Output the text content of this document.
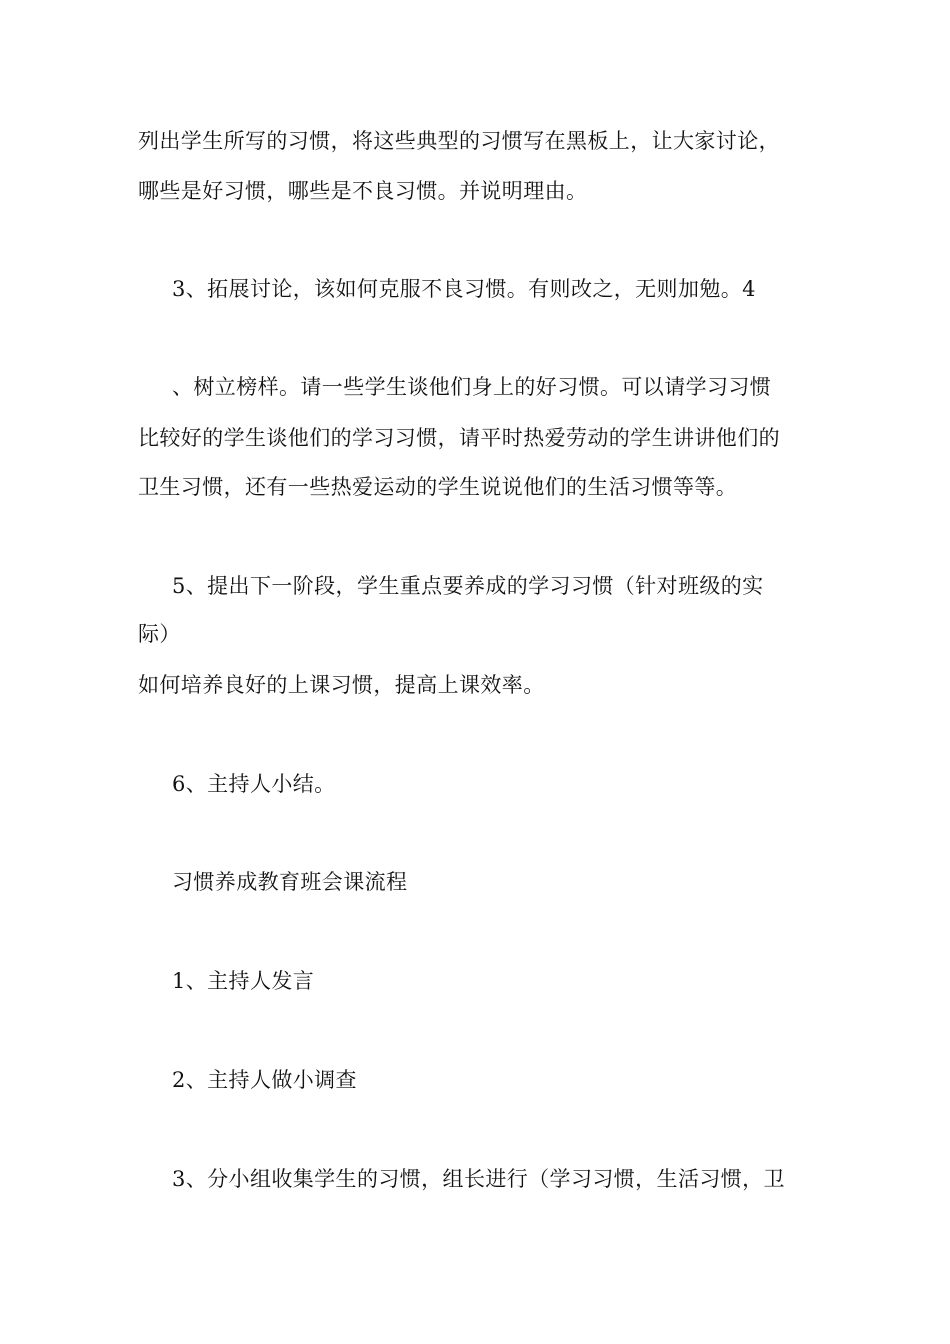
列出学生所写的习惯，将这些典型的习惯写在黑板上，让大家讨论，
哪些是好习惯，哪些是不良习惯。并说明理由。
3、拓展讨论，该如何克服不良习惯。有则改之，无则加勉。4
、树立榜样。请一些学生谈他们身上的好习惯。可以请学习习惯
比较好的学生谈他们的学习习惯，请平时热爱劳动的学生讲讲他们的
卫生习惯，还有一些热爱运动的学生说说他们的生活习惯等等。
5、提出下一阶段，学生重点要养成的学习习惯（针对班级的实
际）
如何培养良好的上课习惯，提高上课效率。
6、主持人小结。
习惯养成教育班会课流程
1、主持人发言
2、主持人做小调查
3、分小组收集学生的习惯，组长进行（学习习惯，生活习惯，卫
